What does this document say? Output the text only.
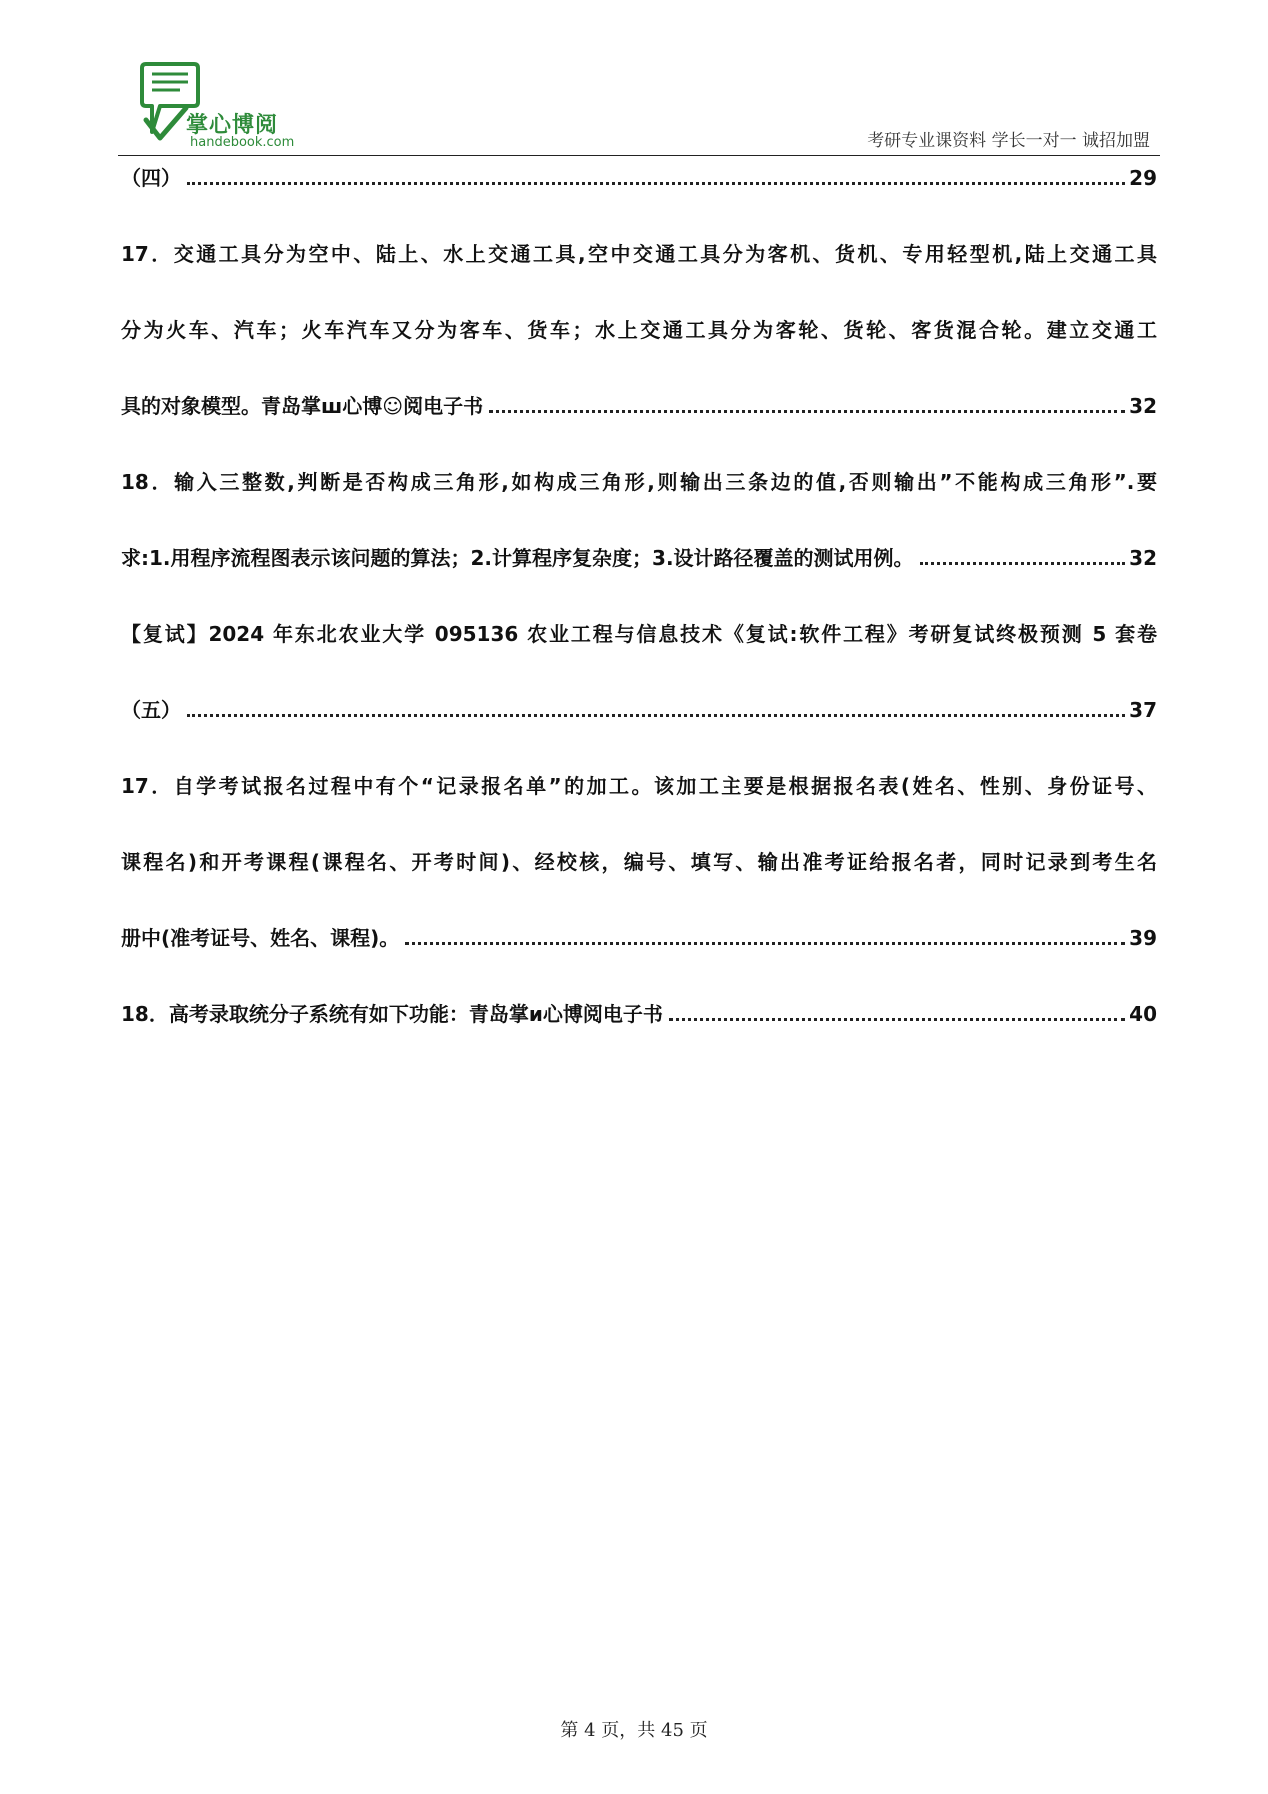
掌心博阅
handebook.com	考研专业课资料 学长一对一 诚招加盟
（四）	29
17．交通工具分为空中、陆上、水上交通工具,空中交通工具分为客机、货机、专用轻型机,陆上交通工具
分为火车、汽车；火车汽车又分为客车、货车；水上交通工具分为客轮、货轮、客货混合轮。建立交通工
具的对象模型。青岛掌ш心博☺阅电子书	32
18．输入三整数,判断是否构成三角形,如构成三角形,则输出三条边的值,否则输出”不能构成三角形”.要
求:1.用程序流程图表示该问题的算法；2.计算程序复杂度；3.设计路径覆盖的测试用例。	32
【复试】2024 年东北农业大学 095136 农业工程与信息技术《复试:软件工程》考研复试终极预测 5 套卷
（五）	37
17．自学考试报名过程中有个“记录报名单”的加工。该加工主要是根据报名表(姓名、性别、身份证号、
课程名)和开考课程(课程名、开考时间)、经校核，编号、填写、输出准考证给报名者，同时记录到考生名
册中(准考证号、姓名、课程)。	39
18．高考录取统分子系统有如下功能：青岛掌и心博阅电子书	40
第 4 页，共 45 页
